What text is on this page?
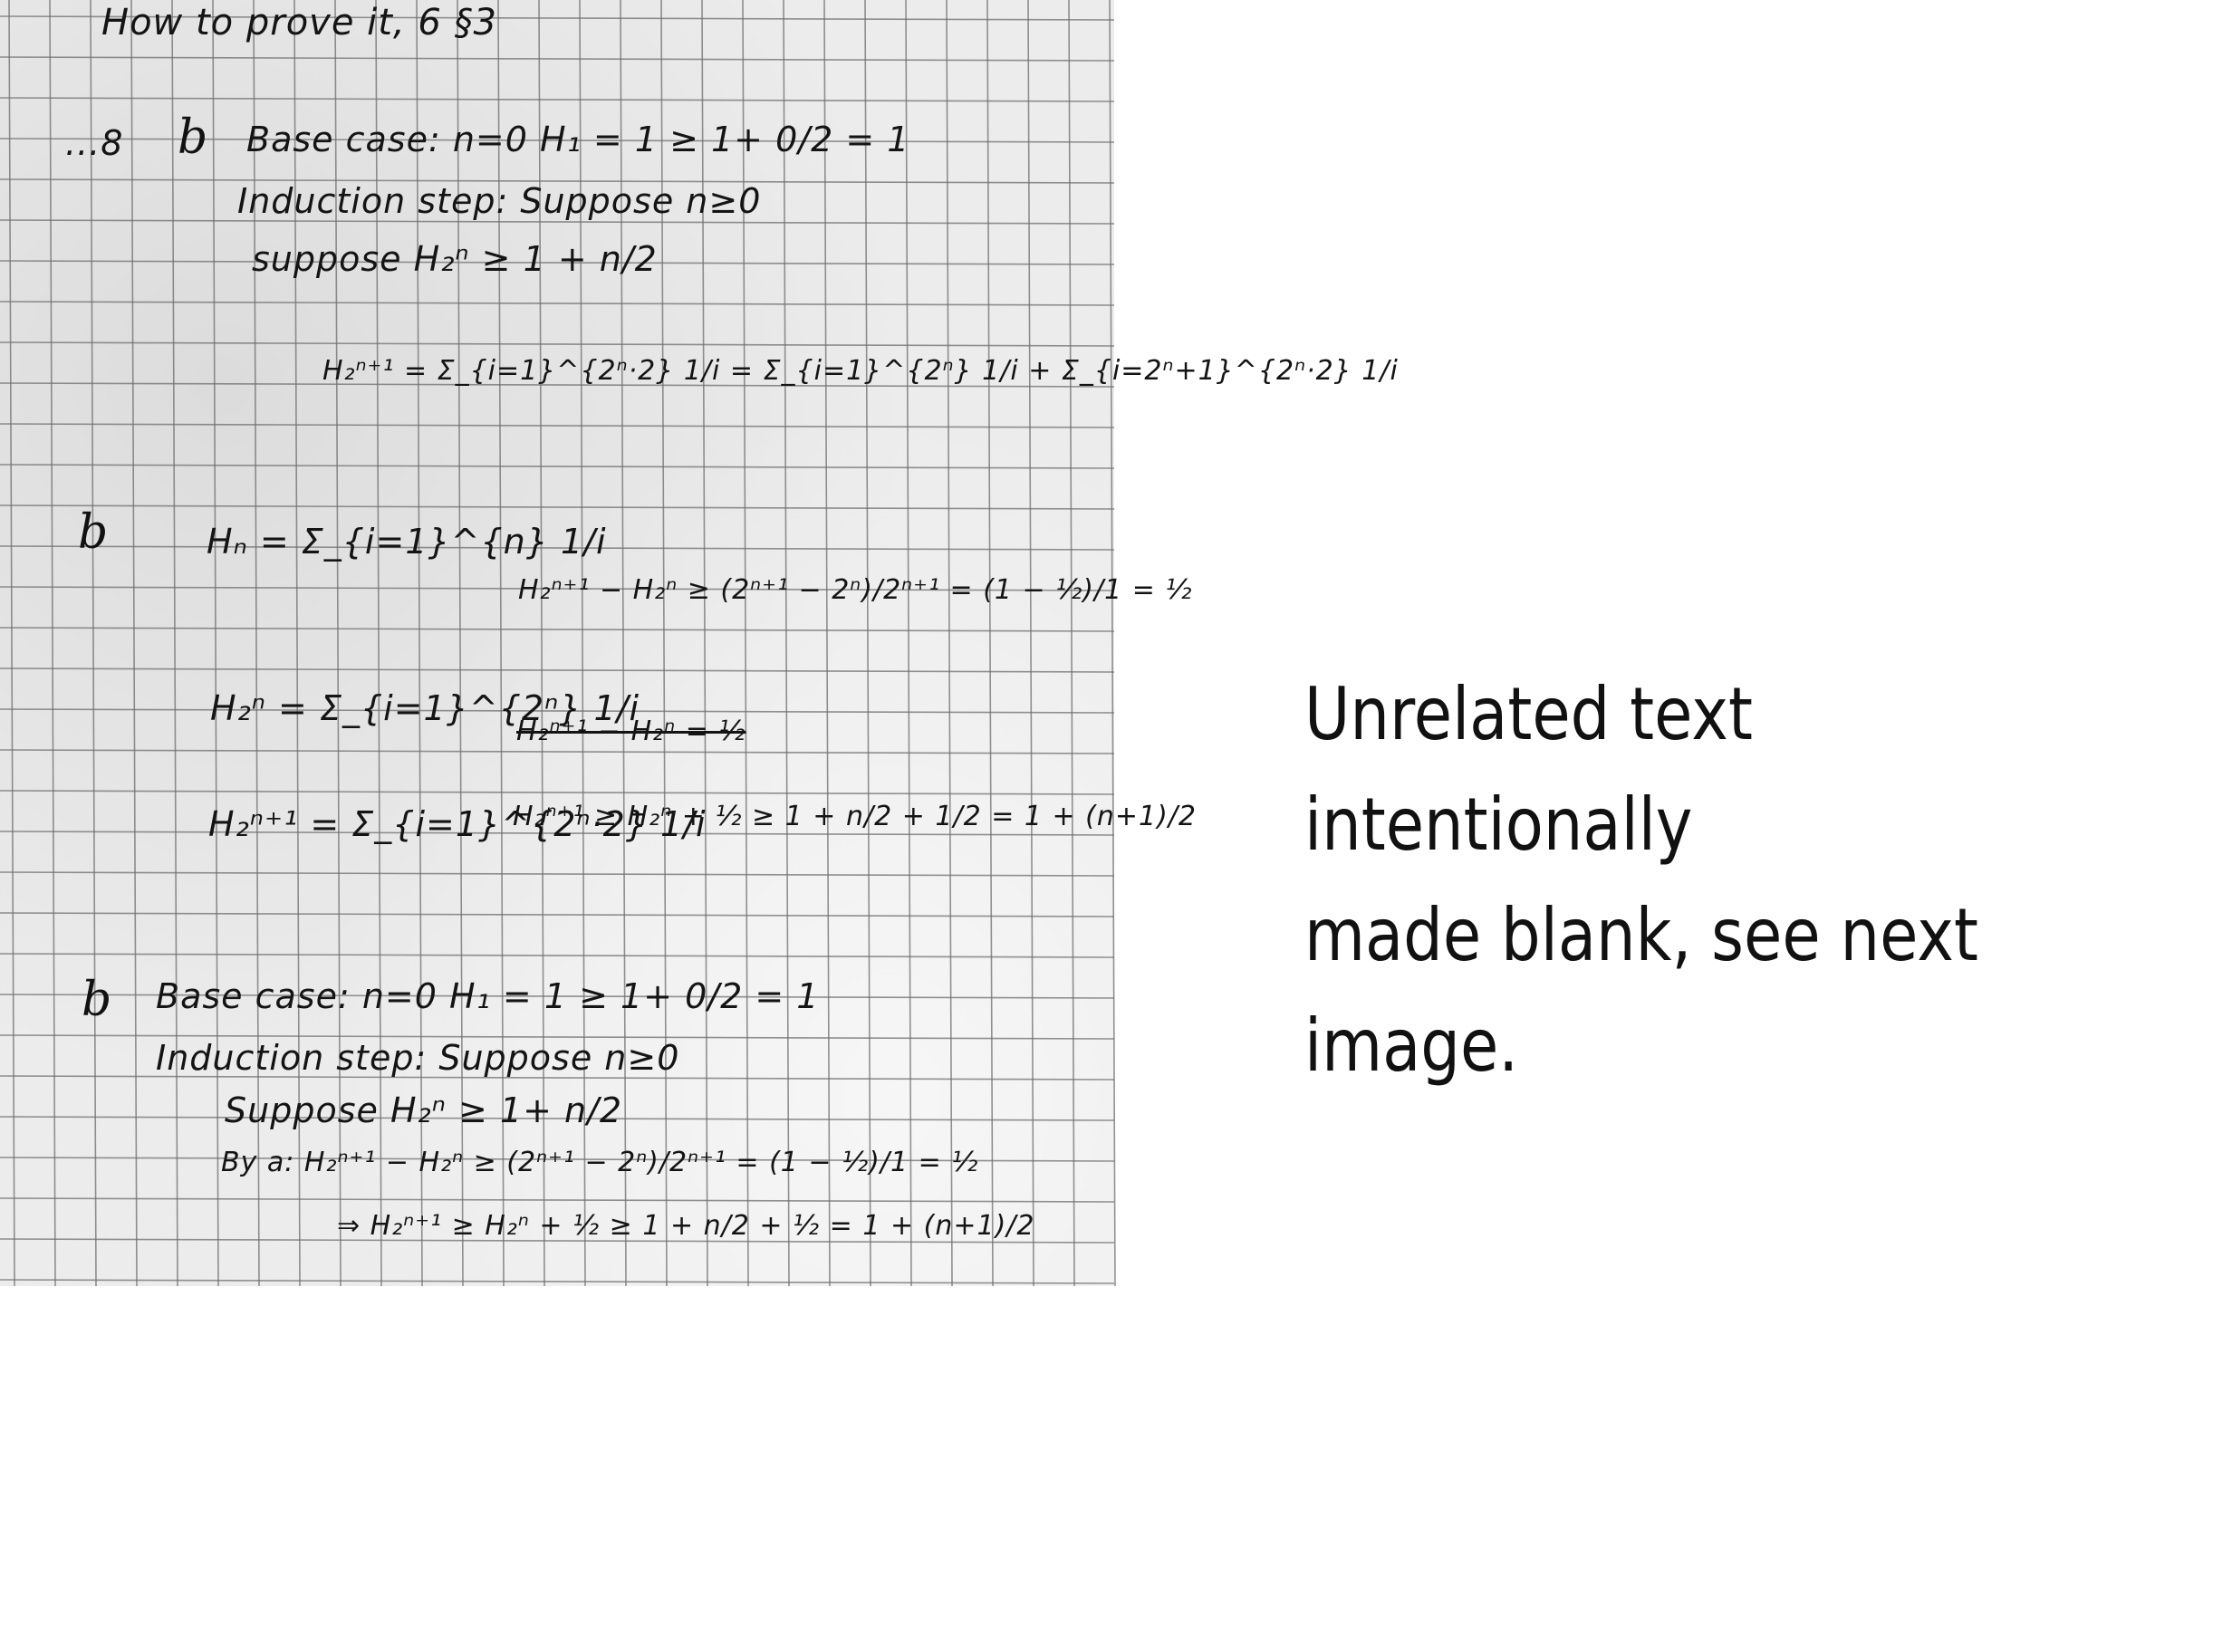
How to prove it, 6 §3
...8 b Base case: n=0 H₁ = 1 ≥ 1+ 0/2 = 1
Induction step: Suppose n≥0
suppose H₂ⁿ ≥ 1 + n/2
H₂ⁿ⁺¹ = Σ_{i=1}^{2ⁿ·2} 1/i = Σ_{i=1}^{2ⁿ} 1/i + Σ_{i=2ⁿ+1}^{2ⁿ·2} 1/i
b	Hₙ = Σ_{i=1}^{n} 1/i
H₂ⁿ⁺¹ − H₂ⁿ ≥ (2ⁿ⁺¹ − 2ⁿ)/2ⁿ⁺¹ = (1 − ½)/1 = ½
H₂ⁿ = Σ_{i=1}^{2ⁿ} 1/i
H₂ⁿ⁺¹ − H₂ⁿ = ½
H₂ⁿ⁺¹ = Σ_{i=1}^{2ⁿ·2} 1/i
H₂ⁿ⁺¹ ≥ H₂ⁿ + ½ ≥ 1 + n/2 + 1/2 = 1 + (n+1)/2
b Base case: n=0 H₁ = 1 ≥ 1+ 0/2 = 1
Induction step: Suppose n≥0
Suppose H₂ⁿ ≥ 1+ n/2
By a: H₂ⁿ⁺¹ − H₂ⁿ ≥ (2ⁿ⁺¹ − 2ⁿ)/2ⁿ⁺¹ = (1 − ½)/1 = ½
⇒ H₂ⁿ⁺¹ ≥ H₂ⁿ + ½ ≥ 1 + n/2 + ½ = 1 + (n+1)/2
Unrelated text intentionally
made blank, see next image.
